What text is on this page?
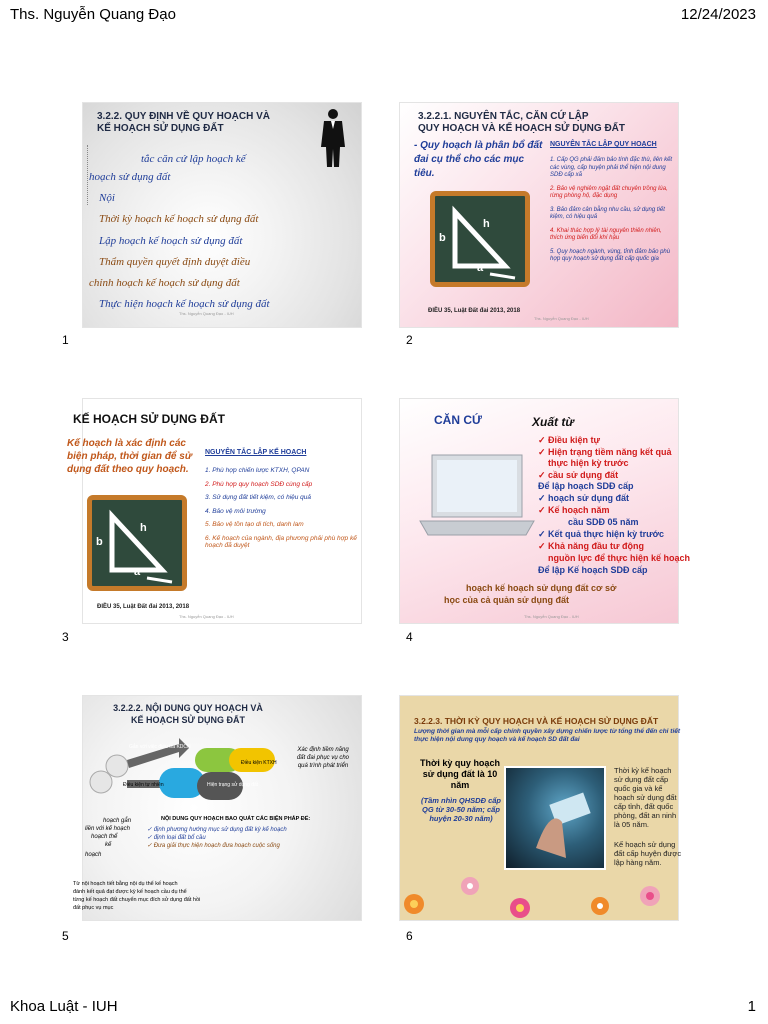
Ths. Nguyễn Quang Đạo	12/24/2023
Khoa Luật - IUH	1
3.2.2. QUY ĐỊNH VỀ QUY HOẠCH VÀ
KẾ HOẠCH SỬ DỤNG ĐẤT
tắc căn cứ lập hoạch kế
hoạch sử dụng đất
Nội
Thời kỳ hoạch kế hoạch sử dụng đất
Lập hoạch kế hoạch sử dụng đất
Thẩm quyền quyết định duyệt điều
chỉnh hoạch kế hoạch sử dụng đất
Thực hiện hoạch kế hoạch sử dụng đất
Ths. Nguyễn Quang Đạo - IUH
1
3.2.2.1. NGUYÊN TẮC, CĂN CỨ LẬP
QUY HOẠCH VÀ KẾ HOẠCH SỬ DỤNG ĐẤT
- Quy hoạch là phân bổ đất đai cụ thể cho các mục tiêu.
b
h
a
NGUYÊN TẮC LẬP QUY HOẠCH
1. Cấp QG phải đảm bảo tính đặc thù, liên kết các vùng, cấp huyện phải thể hiện nội dung SDĐ cấp xã
2. Bảo vệ nghiêm ngặt đất chuyên trồng lúa, rừng phòng hộ, đặc dụng
3. Bảo đảm cân bằng nhu cầu, sử dụng tiết kiệm, có hiệu quả
4. Khai thác hợp lý tài nguyên thiên nhiên, thích ứng biến đổi khí hậu
5. Quy hoạch ngành, vùng, tỉnh đảm bảo phù hợp quy hoạch sử dụng đất cấp quốc gia
ĐIỀU 35, Luật Đất đai 2013, 2018
Ths. Nguyễn Quang Đạo - IUH
2
KẾ HOẠCH SỬ DỤNG ĐẤT
Kế hoạch là xác định các biện pháp, thời gian để sử dụng đất theo quy hoạch.
b
h
a
NGUYÊN TẮC LẬP KẾ HOẠCH
1. Phù hợp chiến lược KTXH, QPAN
2. Phù hợp quy hoạch SDĐ cùng cấp
3. Sử dụng đất tiết kiệm, có hiệu quả
4. Bảo vệ môi trường
5. Bảo vệ tồn tạo di tích, danh lam
6. Kế hoạch của ngành, địa phương phải phù hợp kế hoạch đã duyệt
ĐIỀU 35, Luật Đất đai 2013, 2018
Ths. Nguyễn Quang Đạo - IUH
3
CĂN CỨ	Xuất từ
✓ Điều kiện tự
✓ Hiện trạng tiềm năng kết quả
thực hiện kỳ trước
✓ cầu sử dụng đất
Để lập hoạch SDĐ cấp
✓ hoạch sử dụng đất
✓ Kế hoạch năm
cầu SDĐ 05 năm
✓ Kết quả thực hiện kỳ trước
✓ Khả năng đầu tư động
nguồn lực để thực hiện kế hoạch
Để lập Kế hoạch SDĐ cấp
hoạch kế hoạch sử dụng đất cơ sở
học của cả quản sử dụng đất
Ths. Nguyễn Quang Đạo - IUH
4
3.2.2.2. NỘI DUNG QUY HOẠCH VÀ
KẾ HOẠCH SỬ DỤNG ĐẤT
Gắn với việc điều tra KDCN
Điều kiện tự nhiên	Hiện trạng sử dụng đất
Điều kiện KTXH
Xác định tiềm năng đất đai phục vụ cho quá trình phát triển
NỘI DUNG QUY HOẠCH BAO QUÁT CÁC BIỆN PHÁP ĐỂ:
hoạch gắn
liền với kế hoạch
hoạch thể
kế
hoạch
✓ định phương hướng mục sử dụng đất kỳ kế hoạch
✓ định loại đất bổ cầu
✓ Đưa giải thực hiện hoạch đưa hoạch cuộc sống
Từ nội hoạch tiết bằng nội dụ thể kế hoạch
đánh kết quả đạt được kỳ kế hoạch cầu dụ thể
từng kế hoạch đất chuyển mục đích sử dụng đất hồi
đất phục vụ mục
5
3.2.2.3. THỜI KỲ QUY HOẠCH VÀ KẾ HOẠCH SỬ DỤNG ĐẤT
Lượng thời gian mà mỗi cấp chính quyền xây dựng chiến lược từ tổng thể đến chi tiết thực hiện nội dung quy hoạch và kế hoạch SD đất đai
Thời kỳ quy hoạch sử dụng đất là 10 năm
(Tầm nhìn QHSDĐ cấp QG từ 30-50 năm; cấp huyện 20-30 năm)
Thời kỳ kế hoạch sử dụng đất cấp quốc gia và kế hoạch sử dụng đất cấp tỉnh, đất quốc phòng, đất an ninh là 05 năm.
Kế hoạch sử dụng đất cấp huyện được lập hàng năm.
6
